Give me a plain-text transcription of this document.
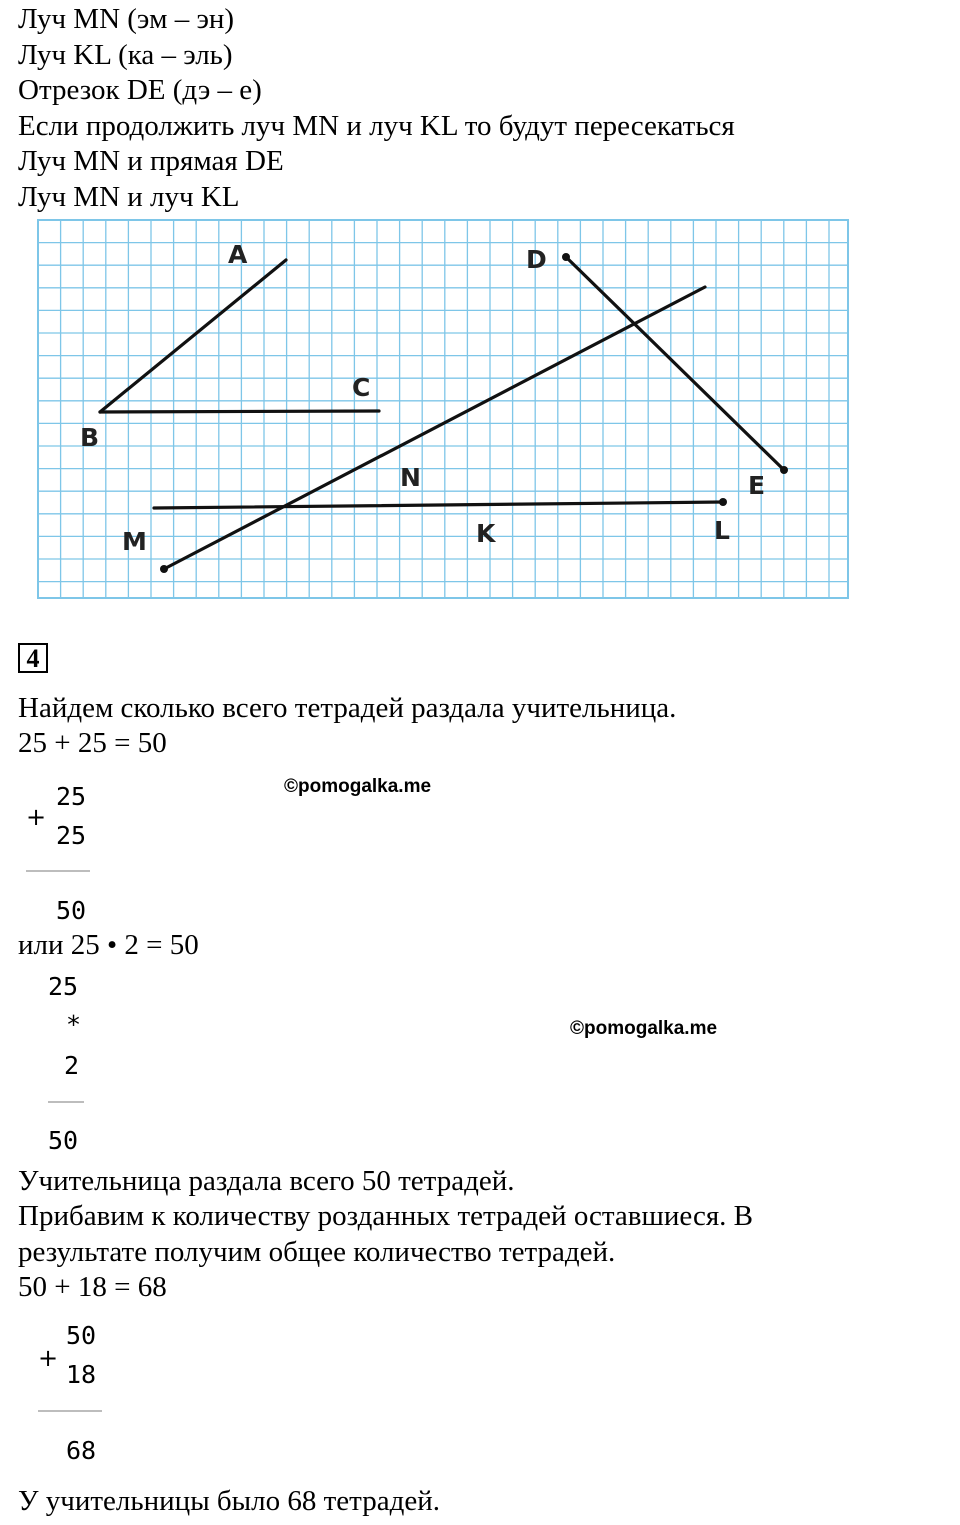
Луч MN (эм – эн)
Луч KL (ка – эль)
Отрезок DE (дэ – е)
Если продолжить луч MN и луч KL то будут пересекаться
Луч MN и прямая DE
Луч MN и луч KL
A
B
C
D
E
M
N
K	L
4
Найдем сколько всего тетрадей раздала учительница.
25 + 25 = 50
©pomogalka.me
25
+
25
50
или 25 • 2 = 50
25
*
2
50
©pomogalka.me
Учительница раздала всего 50 тетрадей.
Прибавим к количеству розданных тетрадей оставшиеся. В
результате получим общее количество тетрадей.
50 + 18 = 68
50
+
18
68
У учительницы было 68 тетрадей.
